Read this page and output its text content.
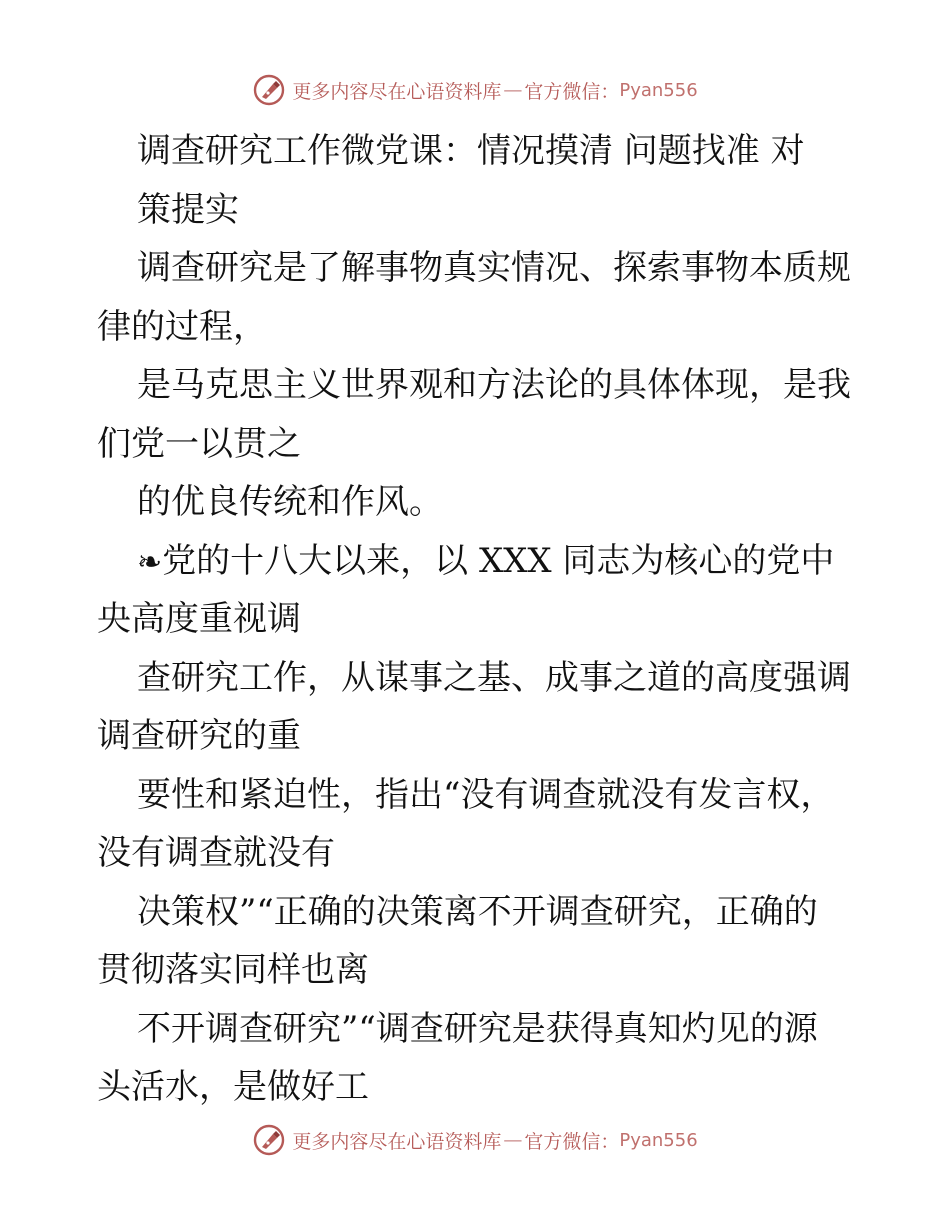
更多内容尽在心语资料库 — 官方微信： Pyan556
调查研究工作微党课：情况摸清 问题找准 对
策提实
调查研究是了解事物真实情况、探索事物本质规
律的过程，
是马克思主义世界观和方法论的具体体现，是我
们党一以贯之
的优良传统和作风。
❧党的十八大以来，以 XXX 同志为核心的党中
央高度重视调
查研究工作，从谋事之基、成事之道的高度强调
调查研究的重
要性和紧迫性，指出“没有调查就没有发言权，
没有调查就没有
决策权”“正确的决策离不开调查研究，正确的
贯彻落实同样也离
不开调查研究”“调查研究是获得真知灼见的源
头活水，是做好工
更多内容尽在心语资料库 — 官方微信： Pyan556
